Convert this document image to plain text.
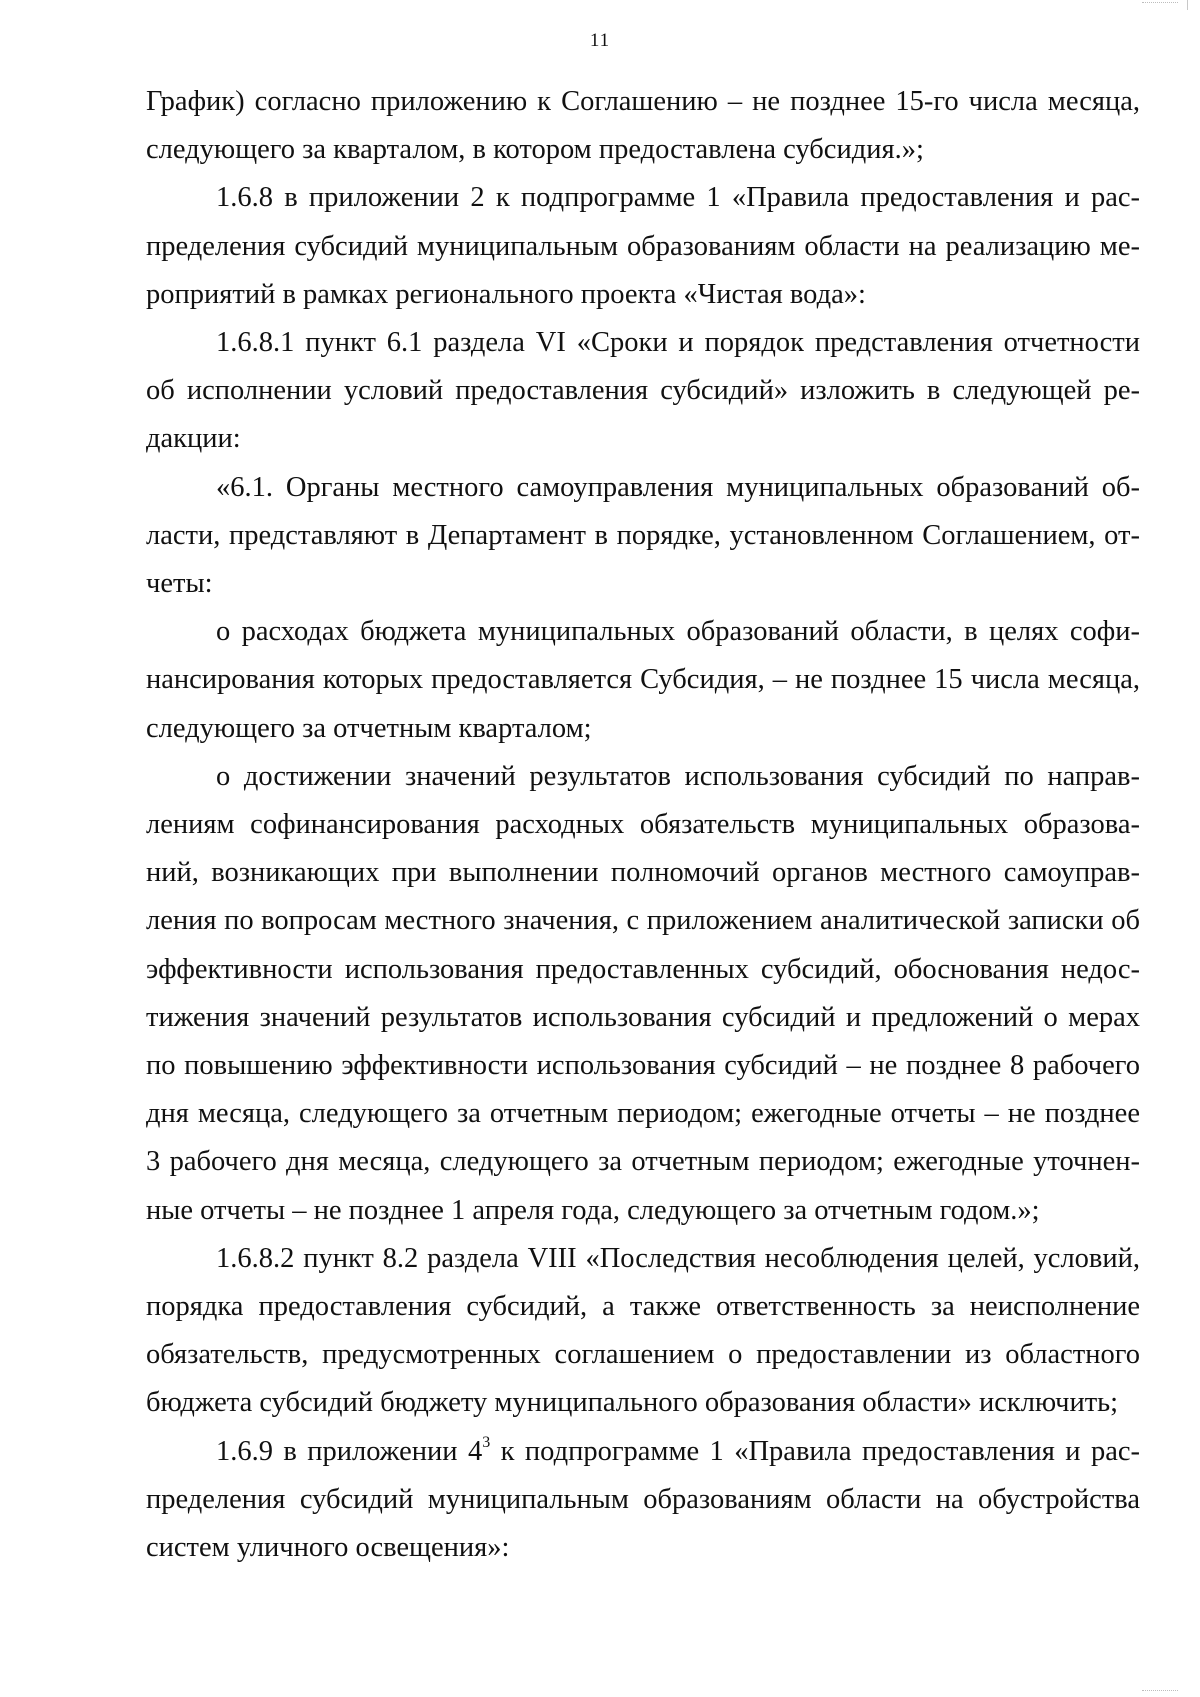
11

График) согласно приложению к Соглашению – не позднее 15-го числа месяца, следующего за кварталом, в котором предоставлена субсидия.»;

1.6.8 в приложении 2 к подпрограмме 1 «Правила предоставления и распределения субсидий муниципальным образованиям области на реализацию мероприятий в рамках регионального проекта «Чистая вода»:

1.6.8.1 пункт 6.1 раздела VI «Сроки и порядок представления отчетности об исполнении условий предоставления субсидий» изложить в следующей редакции:

«6.1. Органы местного самоуправления муниципальных образований области, представляют в Департамент в порядке, установленном Соглашением, отчеты:

о расходах бюджета муниципальных образований области, в целях софинансирования которых предоставляется Субсидия, – не позднее 15 числа месяца, следующего за отчетным кварталом;

о достижении значений результатов использования субсидий по направлениям софинансирования расходных обязательств муниципальных образований, возникающих при выполнении полномочий органов местного самоуправления по вопросам местного значения, с приложением аналитической записки об эффективности использования предоставленных субсидий, обоснования недостижения значений результатов использования субсидий и предложений о мерах по повышению эффективности использования субсидий – не позднее 8 рабочего дня месяца, следующего за отчетным периодом; ежегодные отчеты – не позднее 3 рабочего дня месяца, следующего за отчетным периодом; ежегодные уточненные отчеты – не позднее 1 апреля года, следующего за отчетным годом.»;

1.6.8.2 пункт 8.2 раздела VIII «Последствия несоблюдения целей, условий, порядка предоставления субсидий, а также ответственность за неисполнение обязательств, предусмотренных соглашением о предоставлении из областного бюджета субсидий бюджету муниципального образования области» исключить;

1.6.9 в приложении $4^3$ к подпрограмме 1 «Правила предоставления и распределения субсидий муниципальным образованиям области на обустройства систем уличного освещения»:
